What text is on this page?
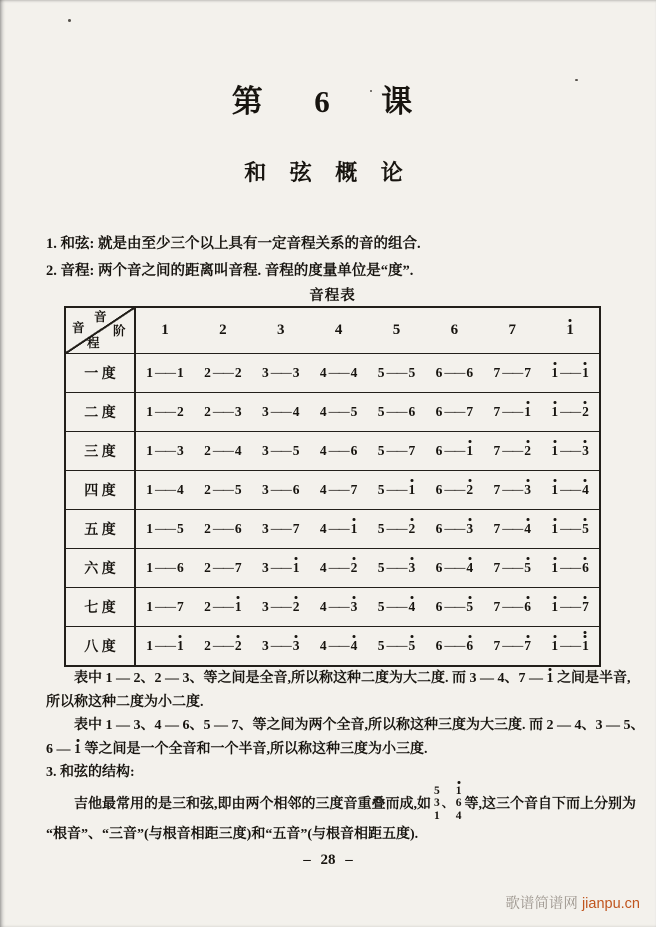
第  6  课
和 弦 概 论
1. 和弦: 就是由至少三个以上具有一定音程关系的音的组合.
2. 音程: 两个音之间的距离叫音程. 音程的度量单位是“度”.
音程表
音
阶
音
程
1	2	3	4	5	6	7	1
一 度	1 —— 1	2 —— 2	3 —— 3	4 —— 4	5 —— 5	6 —— 6	7 —— 7	1 —— 1
二 度	1 —— 2	2 —— 3	3 —— 4	4 —— 5	5 —— 6	6 —— 7	7 —— 1	1 —— 2
三 度	1 —— 3	2 —— 4	3 —— 5	4 —— 6	5 —— 7	6 —— 1	7 —— 2	1 —— 3
四 度	1 —— 4	2 —— 5	3 —— 6	4 —— 7	5 —— 1	6 —— 2	7 —— 3	1 —— 4
五 度	1 —— 5	2 —— 6	3 —— 7	4 —— 1	5 —— 2	6 —— 3	7 —— 4	1 —— 5
六 度	1 —— 6	2 —— 7	3 —— 1	4 —— 2	5 —— 3	6 —— 4	7 —— 5	1 —— 6
七 度	1 —— 7	2 —— 1	3 —— 2	4 —— 3	5 —— 4	6 —— 5	7 —— 6	1 —— 7
八 度	1 —— 1	2 —— 2	3 —— 3	4 —— 4	5 —— 5	6 —— 6	7 —— 7	1 —— 1
表中 1 — 2、2 — 3、等之间是全音,所以称这种二度为大二度. 而 3 — 4、7 —
1 之间是半音,
所以称这种二度为小二度.
表中 1 — 3、4 — 6、5 — 7、等之间为两个全音,所以称这种三度为大三度. 而 2 — 4、3 — 5、
6 —
1 等之间是一个全音和一个半音,所以称这种三度为小三度.
3. 和弦的结构:
吉他最常用的是三和弦,即由两个相邻的三度音重叠而成,如
5
3
1
、
1
6
4
等,这三个音自下而上分别为
“根音”、“三音”(与根音相距三度)和“五音”(与根音相距五度).
– 28 –
歌谱简谱网 jianpu.cn
